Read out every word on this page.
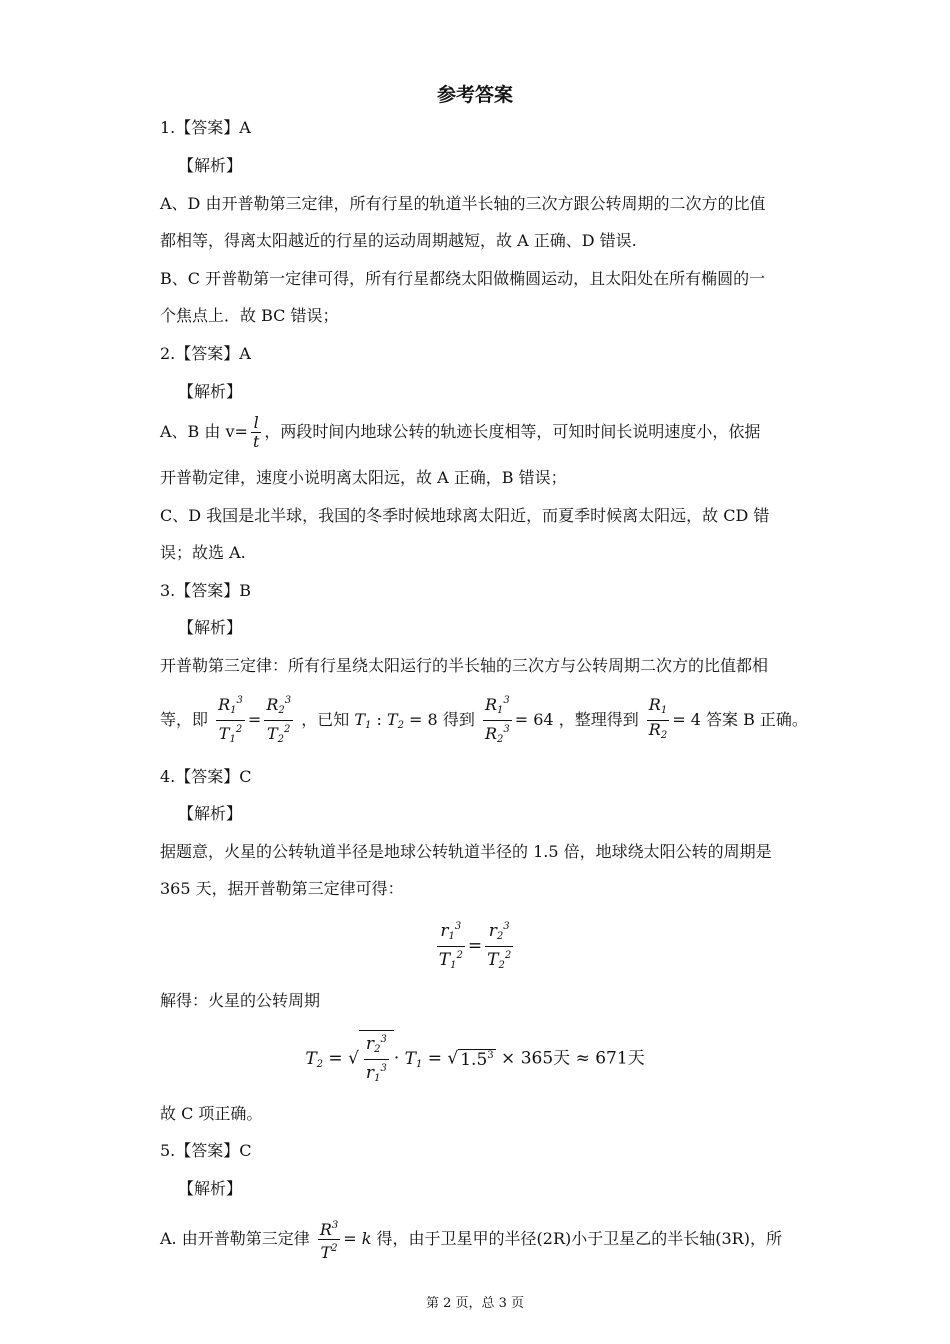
参考答案
1.【答案】A
【解析】
A、D 由开普勒第三定律，所有行星的轨道半长轴的三次方跟公转周期的二次方的比值
都相等，得离太阳越近的行星的运动周期越短，故 A 正确、D 错误.
B、C 开普勒第一定律可得，所有行星都绕太阳做椭圆运动，且太阳处在所有椭圆的一
个焦点上．故 BC 错误；
2.【答案】A
【解析】
A、B 由 $v= \frac{l}{t}$ ，两段时间内地球公转的轨迹长度相等，可知时间长说明速度小，依据
开普勒定律，速度小说明离太阳远，故 A 正确，B 错误；
C、D 我国是北半球，我国的冬季时候地球离太阳近，而夏季时候离太阳远，故 CD 错
误；故选 A.
3.【答案】B
【解析】
开普勒第三定律：所有行星绕太阳运行的半长轴的三次方与公转周期二次方的比值都相
等，即 $\frac{R_1^3}{T_1^2} = \frac{R_2^3}{T_2^2}$ ，已知 $T_1$ : $T_2 = 8$ 得到 $\frac{R_1^3}{R_2^3} = 64$ ，整理得到 $\frac{R_1}{R_2} = 4$ 答案 B 正确。
4.【答案】C
【解析】
据题意，火星的公转轨道半径是地球公转轨道半径的 1.5 倍，地球绕太阳公转的周期是
365 天，据开普勒第三定律可得：
$\frac{r_1^3}{T_1^2} = \frac{r_2^3}{T_2^2}$
解得：火星的公转周期
$T_2$ = √ $\frac{r_2^3}{r_1^3} \cdot T_1$ = √ $1.5^3 \times 365$天 ≈ 671天
故 C 项正确。
5.【答案】C
【解析】
A. 由开普勒第三定律 $\frac{R^3}{T^2} = k$ 得，由于卫星甲的半径(2R)小于卫星乙的半长轴(3R)，所
第 2 页，总 3 页
